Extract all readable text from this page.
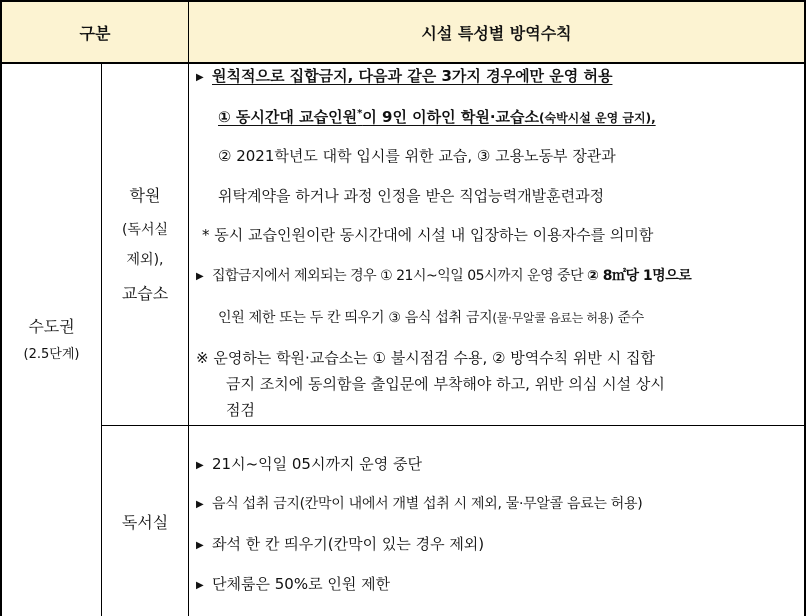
구분	시설 특성별 방역수칙
수도권
(2.5단계)
학원
(독서실
제외),
교습소
독서실
▶ 원칙적으로 집합금지, 다음과 같은 3가지 경우에만 운영 허용
① 동시간대 교습인원*이 9인 이하인 학원·교습소(숙박시설 운영 금지),
② 2021학년도 대학 입시를 위한 교습, ③ 고용노동부 장관과
위탁계약을 하거나 과정 인정을 받은 직업능력개발훈련과정
* 동시 교습인원이란 동시간대에 시설 내 입장하는 이용자수를 의미함
▶ 집합금지에서 제외되는 경우 ① 21시~익일 05시까지 운영 중단 ② 8㎡당 1명으로
인원 제한 또는 두 칸 띄우기 ③ 음식 섭취 금지(물·무알콜 음료는 허용) 준수
※ 운영하는 학원·교습소는 ① 불시점검 수용, ② 방역수칙 위반 시 집합
금지 조치에 동의함을 출입문에 부착해야 하고, 위반 의심 시설 상시
점검
▶ 21시~익일 05시까지 운영 중단
▶ 음식 섭취 금지(칸막이 내에서 개별 섭취 시 제외, 물·무알콜 음료는 허용)
▶ 좌석 한 칸 띄우기(칸막이 있는 경우 제외)
▶ 단체룸은 50%로 인원 제한
